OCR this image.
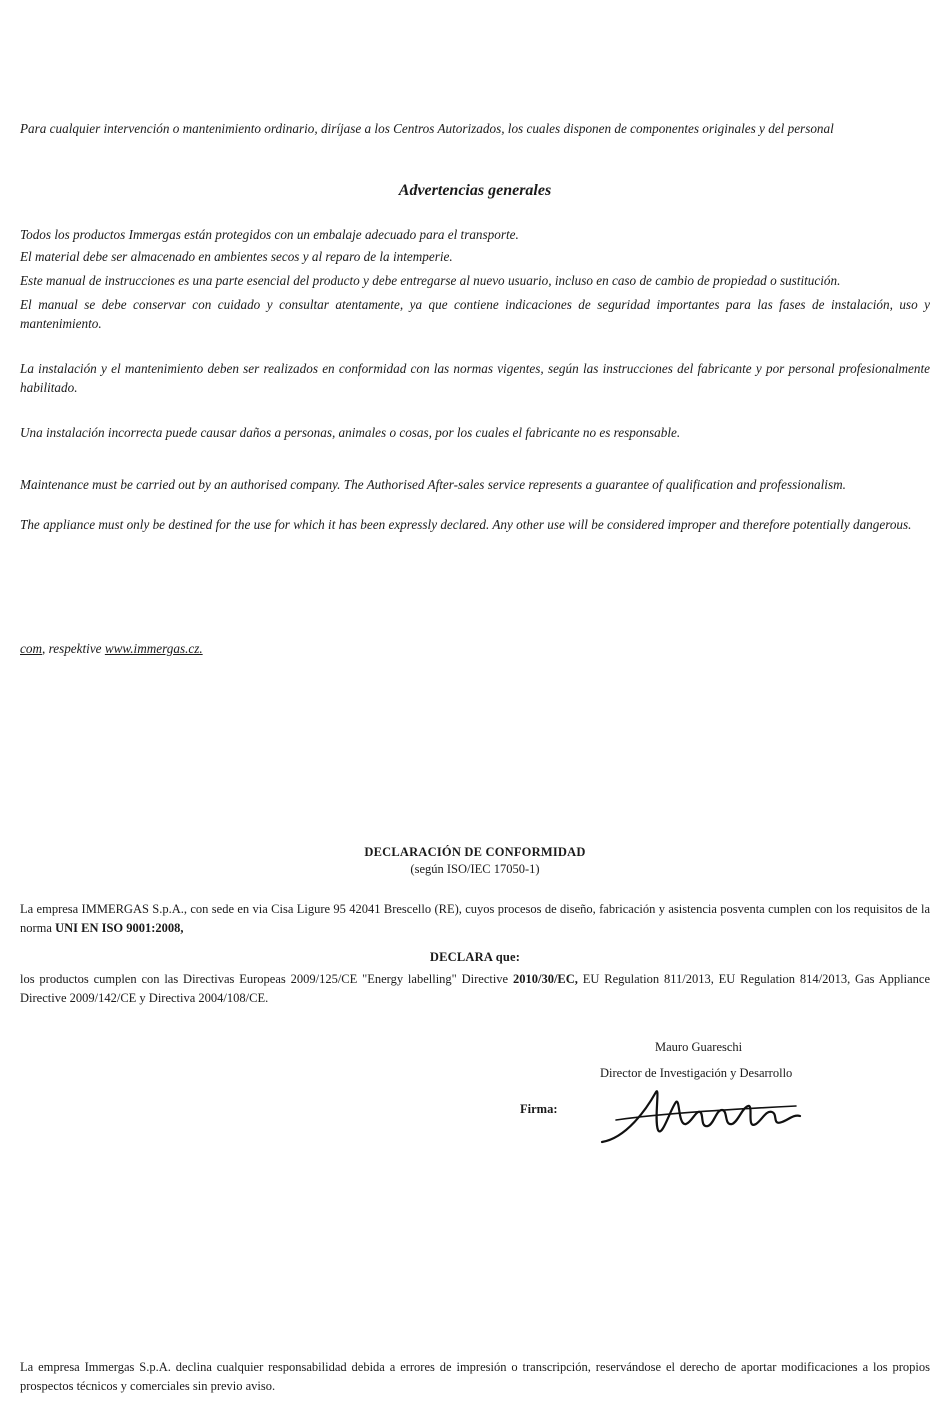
Para cualquier intervención o mantenimiento ordinario, diríjase a los Centros Autorizados, los cuales disponen de componentes originales y del personal

Advertencias generales

Todos los productos Immergas están protegidos con un embalaje adecuado para el transporte.

El material debe ser almacenado en ambientes secos y al reparo de la intemperie.

Este manual de instrucciones es una parte esencial del producto y debe entregarse al nuevo usuario, incluso en caso de cambio de propiedad o sustitución.

El manual se debe conservar con cuidado y consultar atentamente, ya que contiene indicaciones de seguridad importantes para las fases de instalación, uso y mantenimiento.

La instalación y el mantenimiento deben ser realizados en conformidad con las normas vigentes, según las instrucciones del fabricante y por personal profesionalmente habilitado.

Una instalación incorrecta puede causar daños a personas, animales o cosas, por los cuales el fabricante no es responsable.

Maintenance must be carried out by an authorised company. The Authorised After-sales service represents a guarantee of qualification and professionalism.

The appliance must only be destined for the use for which it has been expressly declared. Any other use will be considered improper and therefore potentially dangerous.

com, respektive www.immergas.cz.

DECLARACIÓN DE CONFORMIDAD
(según ISO/IEC 17050-1)

La empresa IMMERGAS S.p.A., con sede en via Cisa Ligure 95 42041 Brescello (RE), cuyos procesos de diseño, fabricación y asistencia posventa cumplen con los requisitos de la norma UNI EN ISO 9001:2008,

DECLARA que:

los productos cumplen con las Directivas Europeas 2009/125/CE "Energy labelling" Directive 2010/30/EC, EU Regulation 811/2013, EU Regulation 814/2013, Gas Appliance Directive 2009/142/CE y Directiva 2004/108/CE.

Mauro Guareschi
Director de Investigación y Desarrollo
Firma:

La empresa Immergas S.p.A. declina cualquier responsabilidad debida a errores de impresión o transcripción, reservándose el derecho de aportar modificaciones a los propios prospectos técnicos y comerciales sin previo aviso.
